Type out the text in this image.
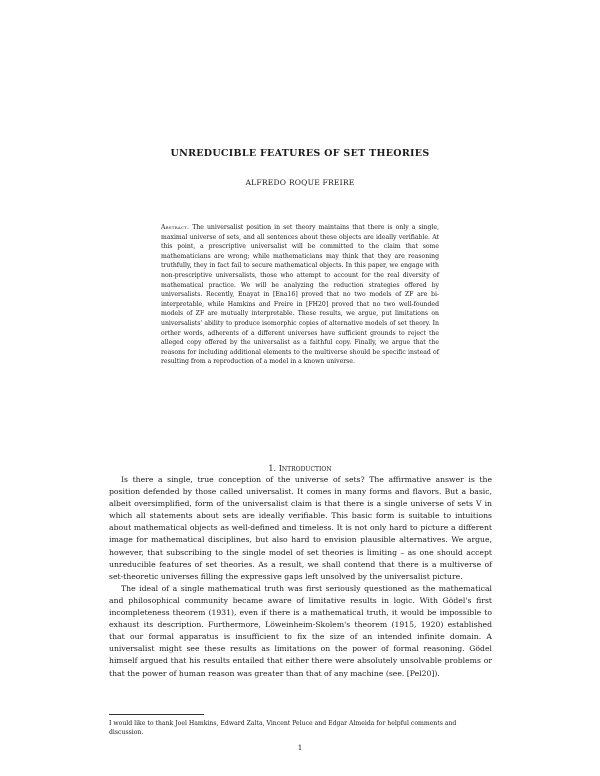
UNREDUCIBLE FEATURES OF SET THEORIES
ALFREDO ROQUE FREIRE
Abstract. The universalist position in set theory maintains that there is only a single, maximal universe of sets, and all sentences about these objects are ideally verifiable. At this point, a prescriptive universalist will be committed to the claim that some mathematicians are wrong; while mathematicians may think that they are reasoning truthfully, they in fact fail to secure mathematical objects. In this paper, we engage with non-prescriptive universalists, those who attempt to account for the real diversity of mathematical practice. We will be analyzing the reduction strategies offered by universalists. Recently, Enayat in [Ena16] proved that no two models of ZF are bi-interpretable, while Hamkins and Freire in [FH20] proved that no two well-founded models of ZF are mutually interpretable. These results, we argue, put limitations on universalists' ability to produce isomorphic copies of alternative models of set theory. In orther words, adherents of a different universes have sufficient grounds to reject the alleged copy offered by the universalist as a faithful copy. Finally, we argue that the reasons for including additional elements to the multiverse should be specific instead of resulting from a reproduction of a model in a known universe.
1. Introduction

Is there a single, true conception of the universe of sets? The affirmative answer is the position defended by those called universalist. It comes in many forms and flavors. But a basic, albeit oversimplified, form of the universalist claim is that there is a single universe of sets V in which all statements about sets are ideally verifiable. This basic form is suitable to intuitions about mathematical objects as well-defined and timeless. It is not only hard to picture a different image for mathematical disciplines, but also hard to envision plausible alternatives. We argue, however, that subscribing to the single model of set theories is limiting – as one should accept unreducible features of set theories. As a result, we shall contend that there is a multiverse of set-theoretic universes filling the expressive gaps left unsolved by the universalist picture.

The ideal of a single mathematical truth was first seriously questioned as the mathematical and philosophical community became aware of limitative results in logic. With Gödel's first incompleteness theorem (1931), even if there is a mathematical truth, it would be impossible to exhaust its description. Furthermore, Löweinheim-Skolem's theorem (1915, 1920) established that our formal apparatus is insufficient to fix the size of an intended infinite domain. A universalist might see these results as limitations on the power of formal reasoning. Gödel himself argued that his results entailed that either there were absolutely unsolvable problems or that the power of human reason was greater than that of any machine (see. [Pel20]).

I would like to thank Joel Hamkins, Edward Zalta, Vincent Peluce and Edgar Almeida for helpful comments and discussion.
1
